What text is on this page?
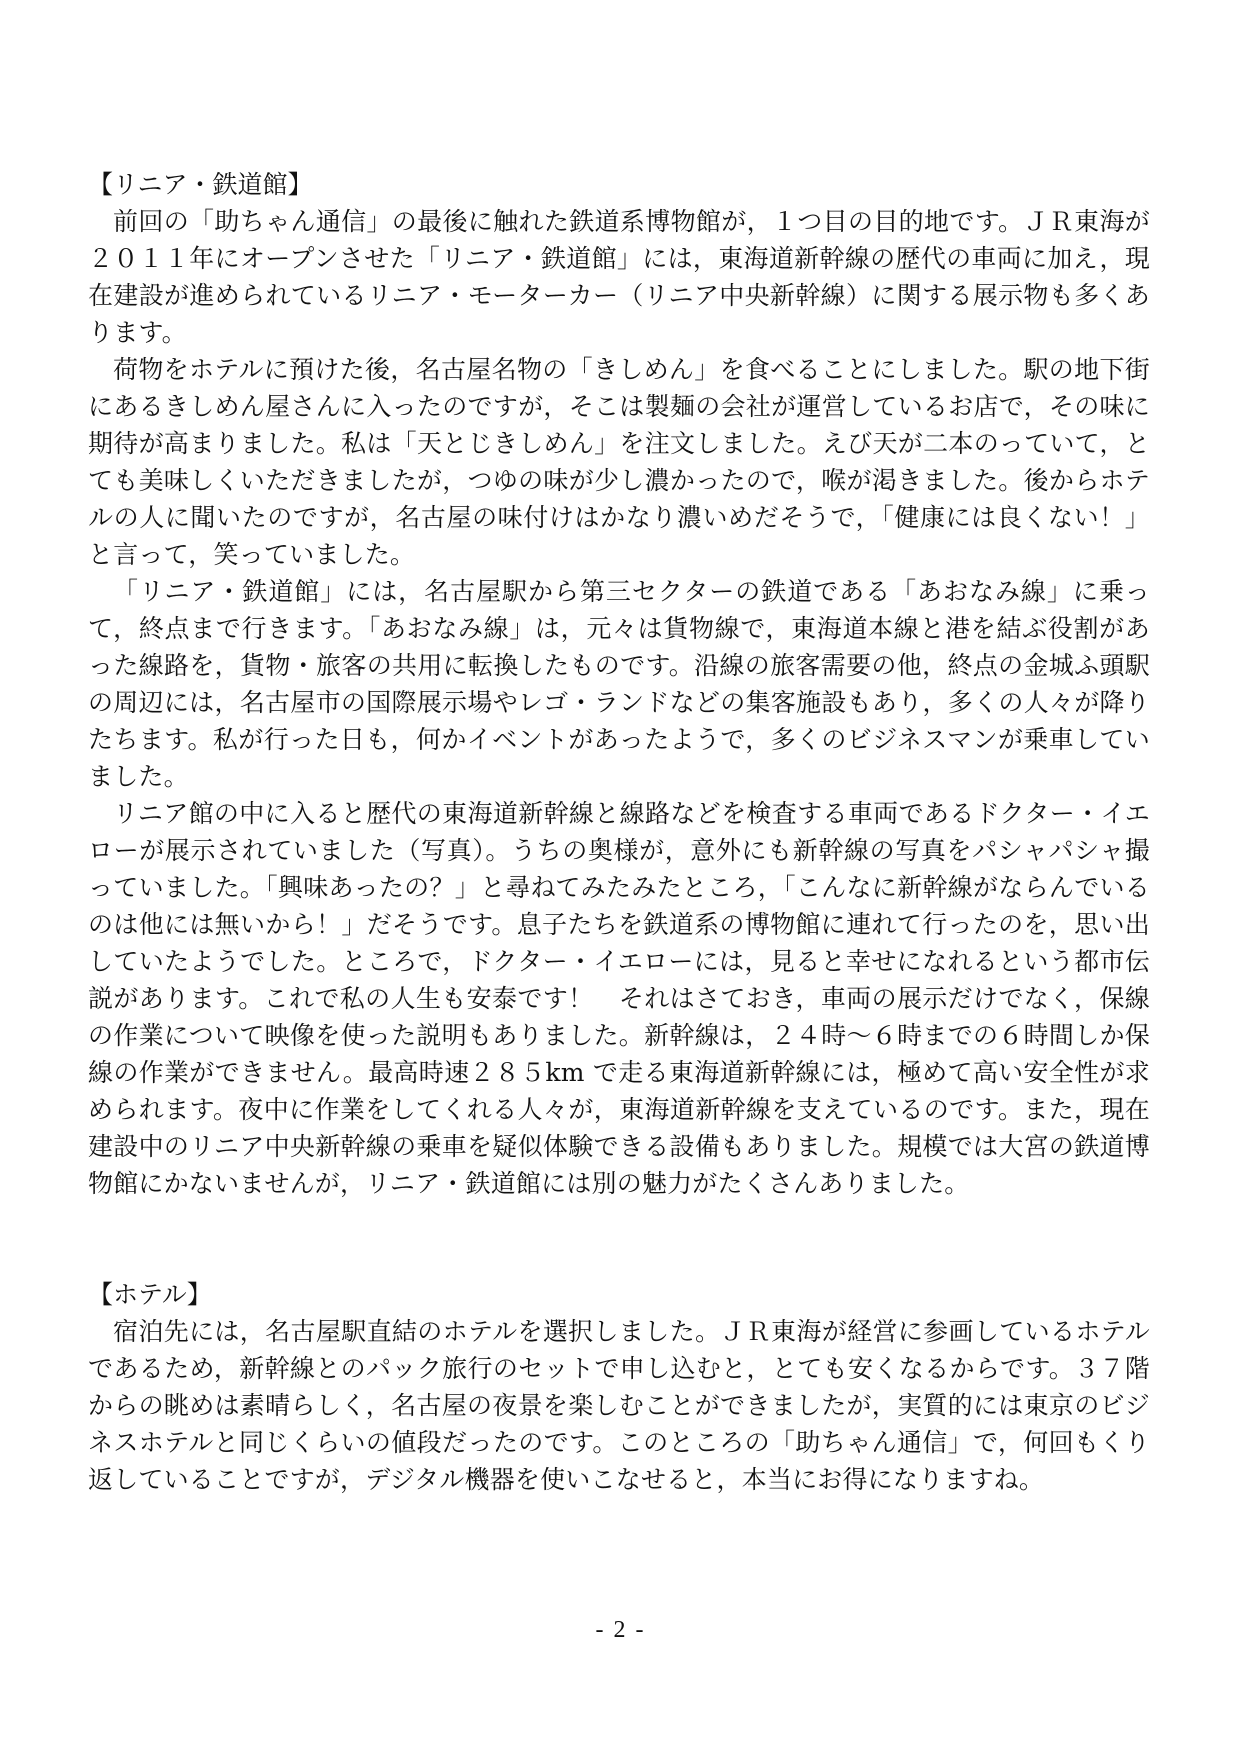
【リニア・鉄道館】

前回の「助ちゃん通信」の最後に触れた鉄道系博物館が，１つ目の目的地です。ＪＲ東海が２０１１年にオープンさせた「リニア・鉄道館」には，東海道新幹線の歴代の車両に加え，現在建設が進められているリニア・モーターカー（リニア中央新幹線）に関する展示物も多くあります。

荷物をホテルに預けた後，名古屋名物の「きしめん」を食べることにしました。駅の地下街にあるきしめん屋さんに入ったのですが，そこは製麺の会社が運営しているお店で，その味に期待が高まりました。私は「天とじきしめん」を注文しました。えび天が二本のっていて，とても美味しくいただきましたが，つゆの味が少し濃かったので，喉が渇きました。後からホテルの人に聞いたのですが，名古屋の味付けはかなり濃いめだそうで，「健康には良くない！」と言って，笑っていました。

「リニア・鉄道館」には，名古屋駅から第三セクターの鉄道である「あおなみ線」に乗って，終点まで行きます。「あおなみ線」は，元々は貨物線で，東海道本線と港を結ぶ役割があった線路を，貨物・旅客の共用に転換したものです。沿線の旅客需要の他，終点の金城ふ頭駅の周辺には，名古屋市の国際展示場やレゴ・ランドなどの集客施設もあり，多くの人々が降りたちます。私が行った日も，何かイベントがあったようで，多くのビジネスマンが乗車していました。

リニア館の中に入ると歴代の東海道新幹線と線路などを検査する車両であるドクター・イエローが展示されていました（写真）。うちの奥様が，意外にも新幹線の写真をパシャパシャ撮っていました。「興味あったの？」と尋ねてみたみたところ，「こんなに新幹線がならんでいるのは他には無いから！」だそうです。息子たちを鉄道系の博物館に連れて行ったのを，思い出していたようでした。ところで，ドクター・イエローには，見ると幸せになれるという都市伝説があります。これで私の人生も安泰です！　それはさておき，車両の展示だけでなく，保線の作業について映像を使った説明もありました。新幹線は，２４時～６時までの６時間しか保線の作業ができません。最高時速２８５km で走る東海道新幹線には，極めて高い安全性が求められます。夜中に作業をしてくれる人々が，東海道新幹線を支えているのです。また，現在建設中のリニア中央新幹線の乗車を疑似体験できる設備もありました。規模では大宮の鉄道博物館にかないませんが，リニア・鉄道館には別の魅力がたくさんありました。

【ホテル】

宿泊先には，名古屋駅直結のホテルを選択しました。ＪＲ東海が経営に参画しているホテルであるため，新幹線とのパック旅行のセットで申し込むと，とても安くなるからです。３７階からの眺めは素晴らしく，名古屋の夜景を楽しむことができましたが，実質的には東京のビジネスホテルと同じくらいの値段だったのです。このところの「助ちゃん通信」で，何回もくり返していることですが，デジタル機器を使いこなせると，本当にお得になりますね。

- 2 -
